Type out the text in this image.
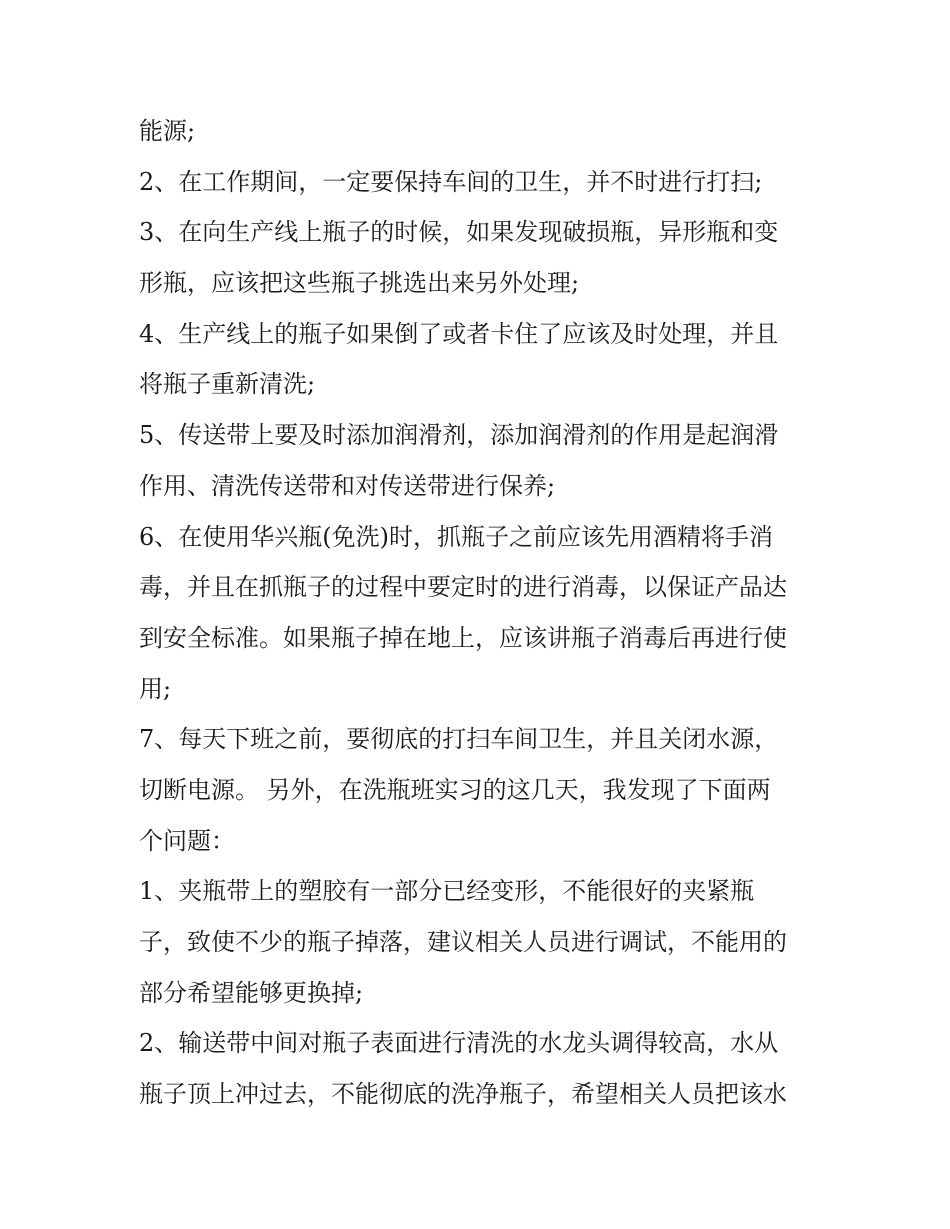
能源;
2、在工作期间，一定要保持车间的卫生，并不时进行打扫;
3、在向生产线上瓶子的时候，如果发现破损瓶，异形瓶和变
形瓶，应该把这些瓶子挑选出来另外处理;
4、生产线上的瓶子如果倒了或者卡住了应该及时处理，并且
将瓶子重新清洗;
5、传送带上要及时添加润滑剂，添加润滑剂的作用是起润滑
作用、清洗传送带和对传送带进行保养;
6、在使用华兴瓶(免洗)时，抓瓶子之前应该先用酒精将手消
毒，并且在抓瓶子的过程中要定时的进行消毒，以保证产品达
到安全标准。如果瓶子掉在地上，应该讲瓶子消毒后再进行使
用;
7、每天下班之前，要彻底的打扫车间卫生，并且关闭水源，
切断电源。 另外，在洗瓶班实习的这几天，我发现了下面两
个问题：
1、夹瓶带上的塑胶有一部分已经变形，不能很好的夹紧瓶
子，致使不少的瓶子掉落，建议相关人员进行调试，不能用的
部分希望能够更换掉;
2、输送带中间对瓶子表面进行清洗的水龙头调得较高，水从
瓶子顶上冲过去，不能彻底的洗净瓶子，希望相关人员把该水
